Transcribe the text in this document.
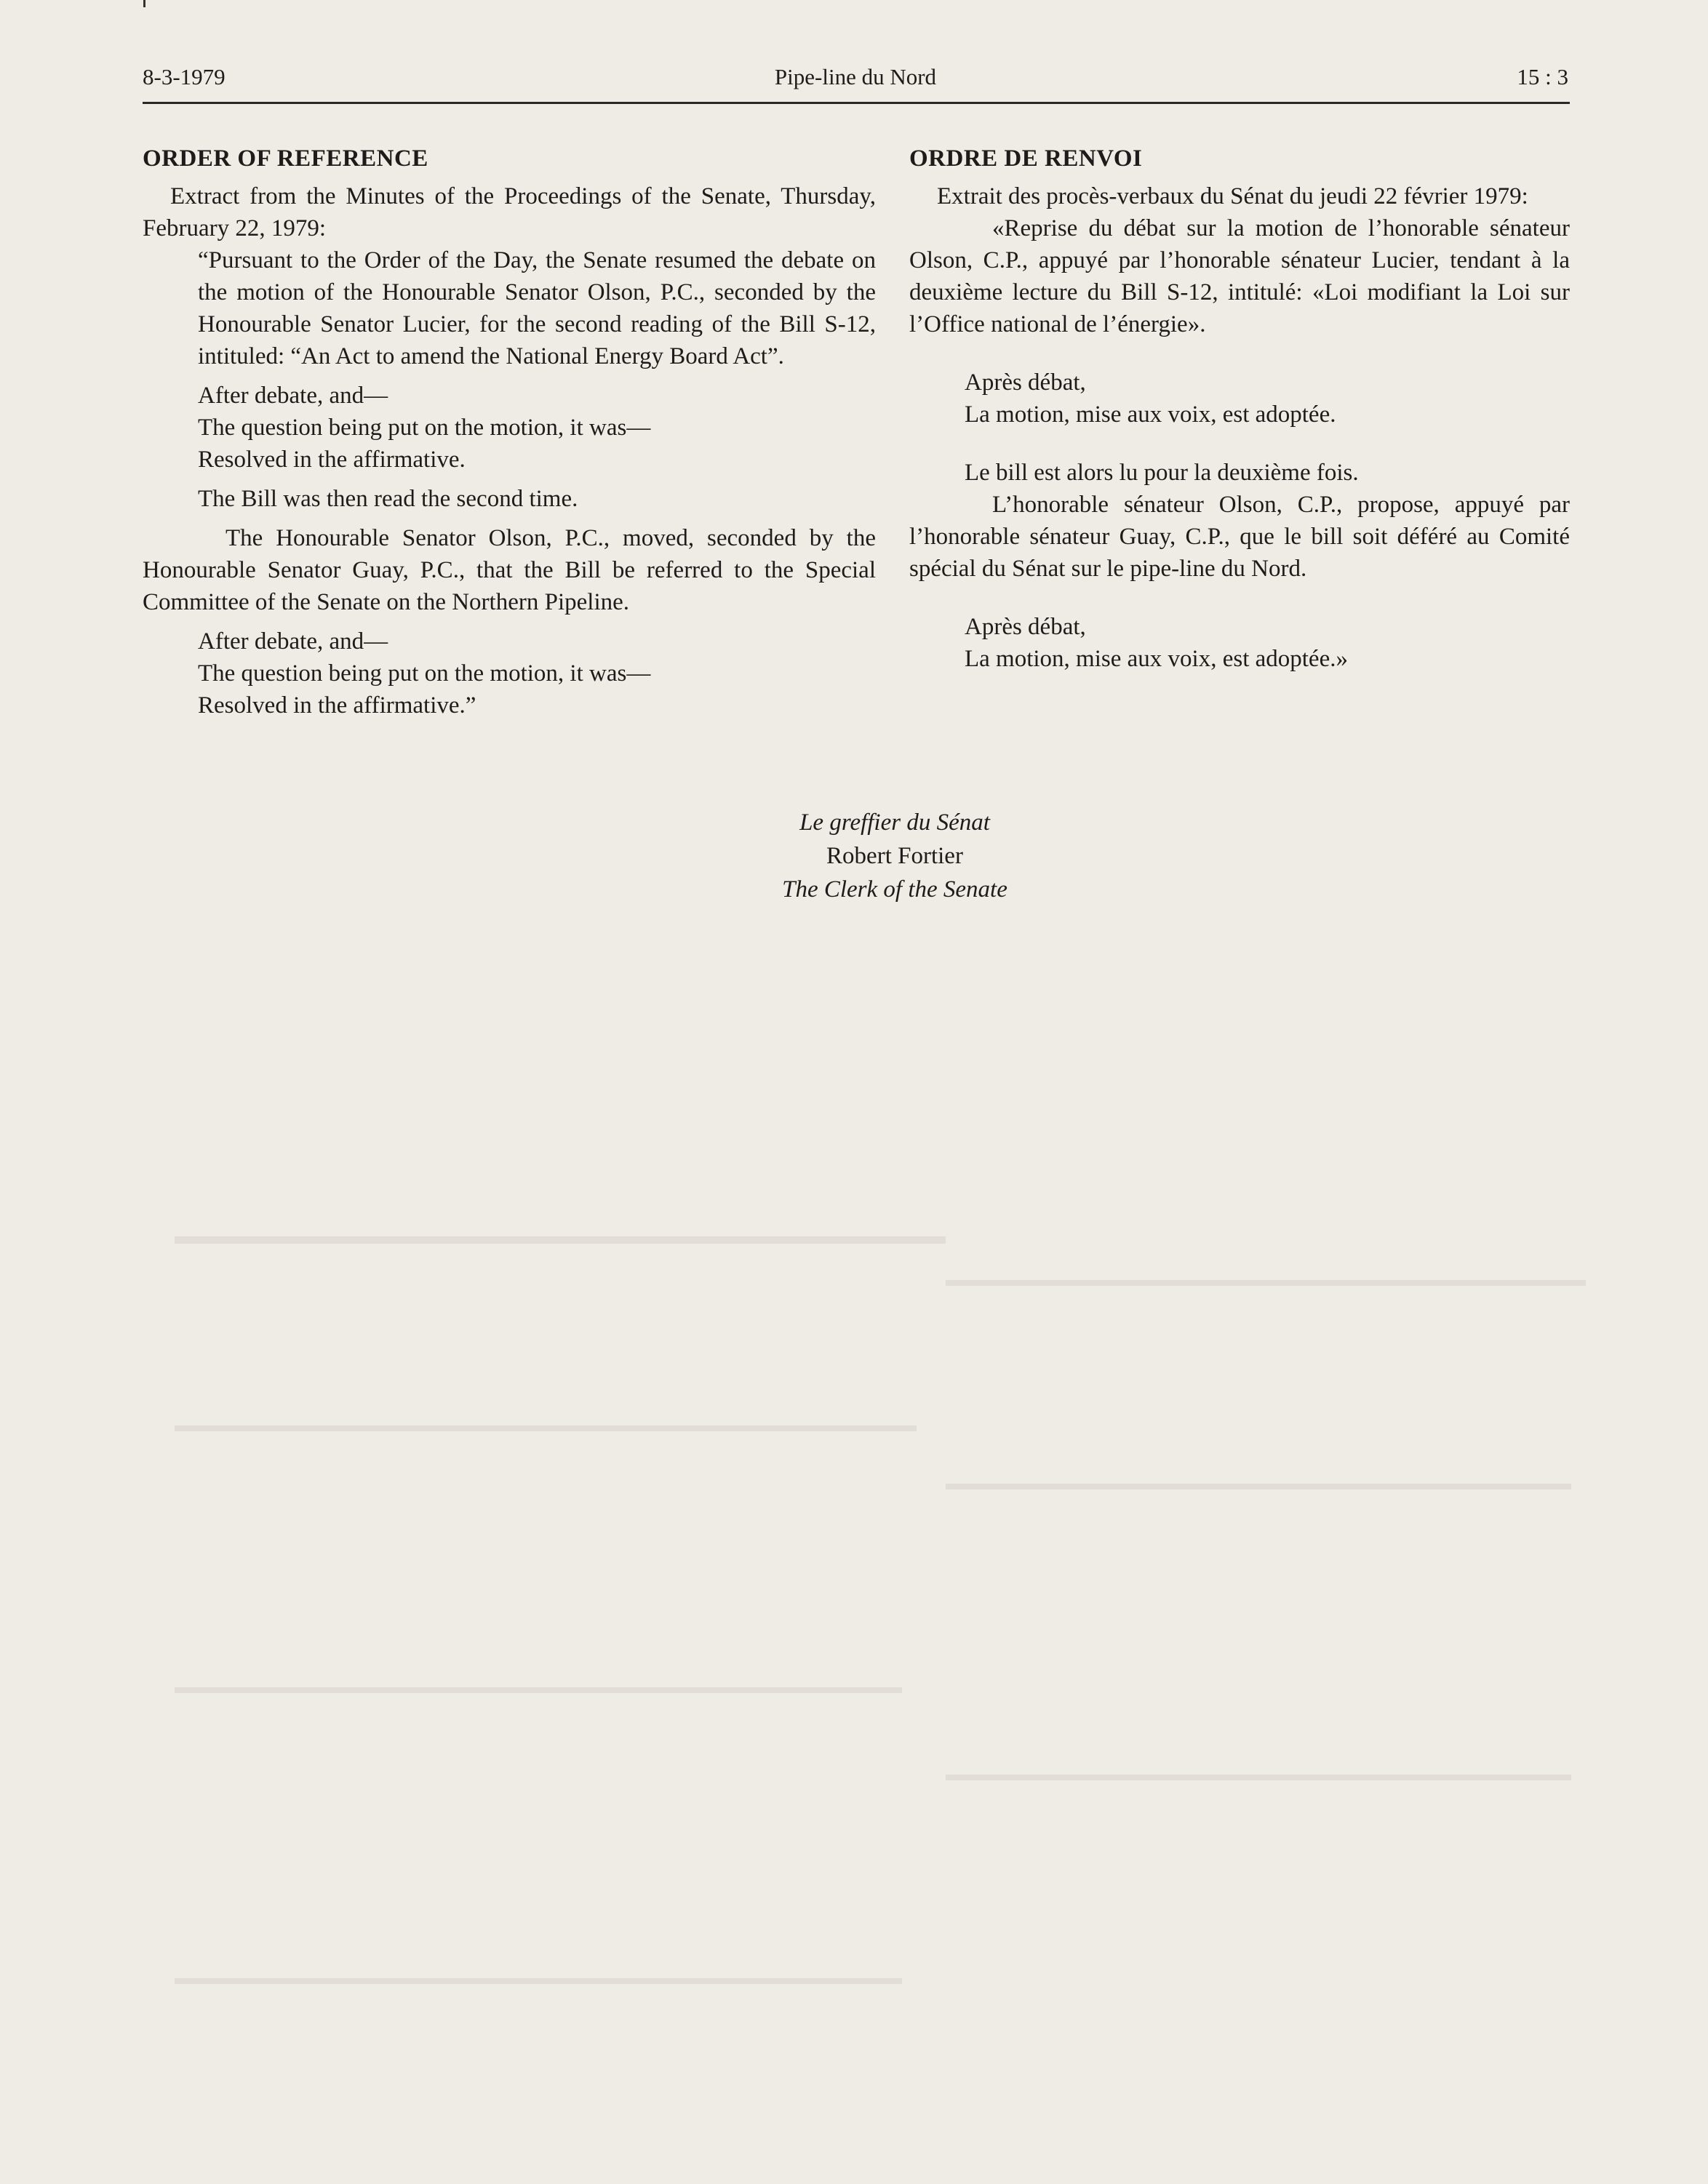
8-3-1979	Pipe-line du Nord	15 : 3
ORDER OF REFERENCE

Extract from the Minutes of the Proceedings of the Senate, Thursday, February 22, 1979:

“Pursuant to the Order of the Day, the Senate resumed the debate on the motion of the Honourable Senator Olson, P.C., seconded by the Honourable Senator Lucier, for the second reading of the Bill S-12, intituled: “An Act to amend the National Energy Board Act”.

After debate, and—

The question being put on the motion, it was—

Resolved in the affirmative.

The Bill was then read the second time.

The Honourable Senator Olson, P.C., moved, seconded by the Honourable Senator Guay, P.C., that the Bill be referred to the Special Committee of the Senate on the Northern Pipeline.

After debate, and—

The question being put on the motion, it was—

Resolved in the affirmative.”

ORDRE DE RENVOI

Extrait des procès-verbaux du Sénat du jeudi 22 février 1979:

«Reprise du débat sur la motion de l’honorable sénateur Olson, C.P., appuyé par l’honorable sénateur Lucier, tendant à la deuxième lecture du Bill S-12, intitulé: «Loi modifiant la Loi sur l’Office national de l’énergie».

Après débat,

La motion, mise aux voix, est adoptée.

Le bill est alors lu pour la deuxième fois.

L’honorable sénateur Olson, C.P., propose, appuyé par l’honorable sénateur Guay, C.P., que le bill soit déféré au Comité spécial du Sénat sur le pipe-line du Nord.

Après débat,

La motion, mise aux voix, est adoptée.»

Le greffier du Sénat
Robert Fortier
The Clerk of the Senate
